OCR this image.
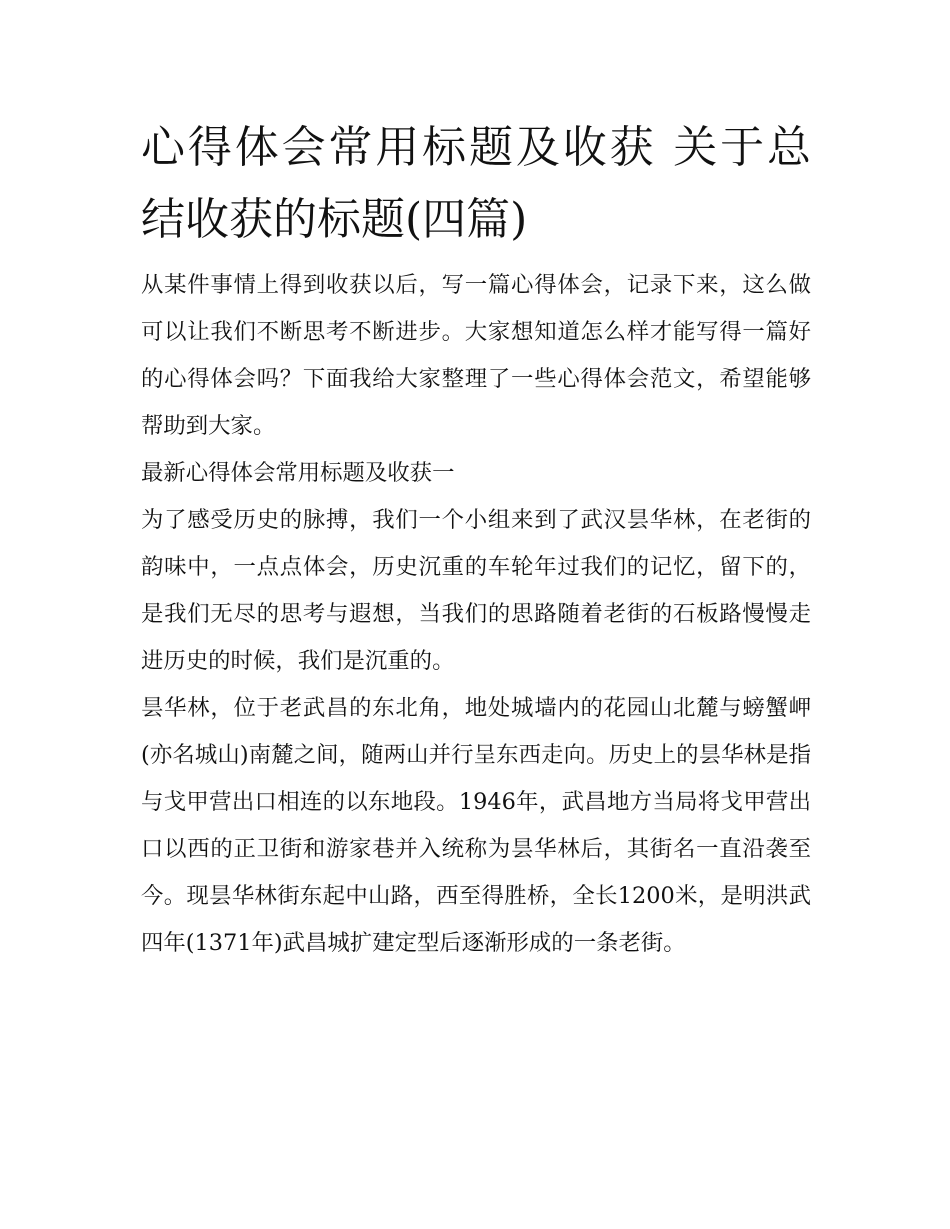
心得体会常用标题及收获 关于总结收获的标题(四篇)

从某件事情上得到收获以后，写一篇心得体会，记录下来，这么做可以让我们不断思考不断进步。大家想知道怎么样才能写得一篇好的心得体会吗？下面我给大家整理了一些心得体会范文，希望能够帮助到大家。

最新心得体会常用标题及收获一

为了感受历史的脉搏，我们一个小组来到了武汉昙华林，在老街的韵味中，一点点体会，历史沉重的车轮年过我们的记忆，留下的，是我们无尽的思考与遐想，当我们的思路随着老街的石板路慢慢走进历史的时候，我们是沉重的。

昙华林，位于老武昌的东北角，地处城墙内的花园山北麓与螃蟹岬(亦名城山)南麓之间，随两山并行呈东西走向。历史上的昙华林是指与戈甲营出口相连的以东地段。1946年，武昌地方当局将戈甲营出口以西的正卫街和游家巷并入统称为昙华林后，其街名一直沿袭至今。现昙华林街东起中山路，西至得胜桥，全长1200米，是明洪武四年(1371年)武昌城扩建定型后逐渐形成的一条老街。
